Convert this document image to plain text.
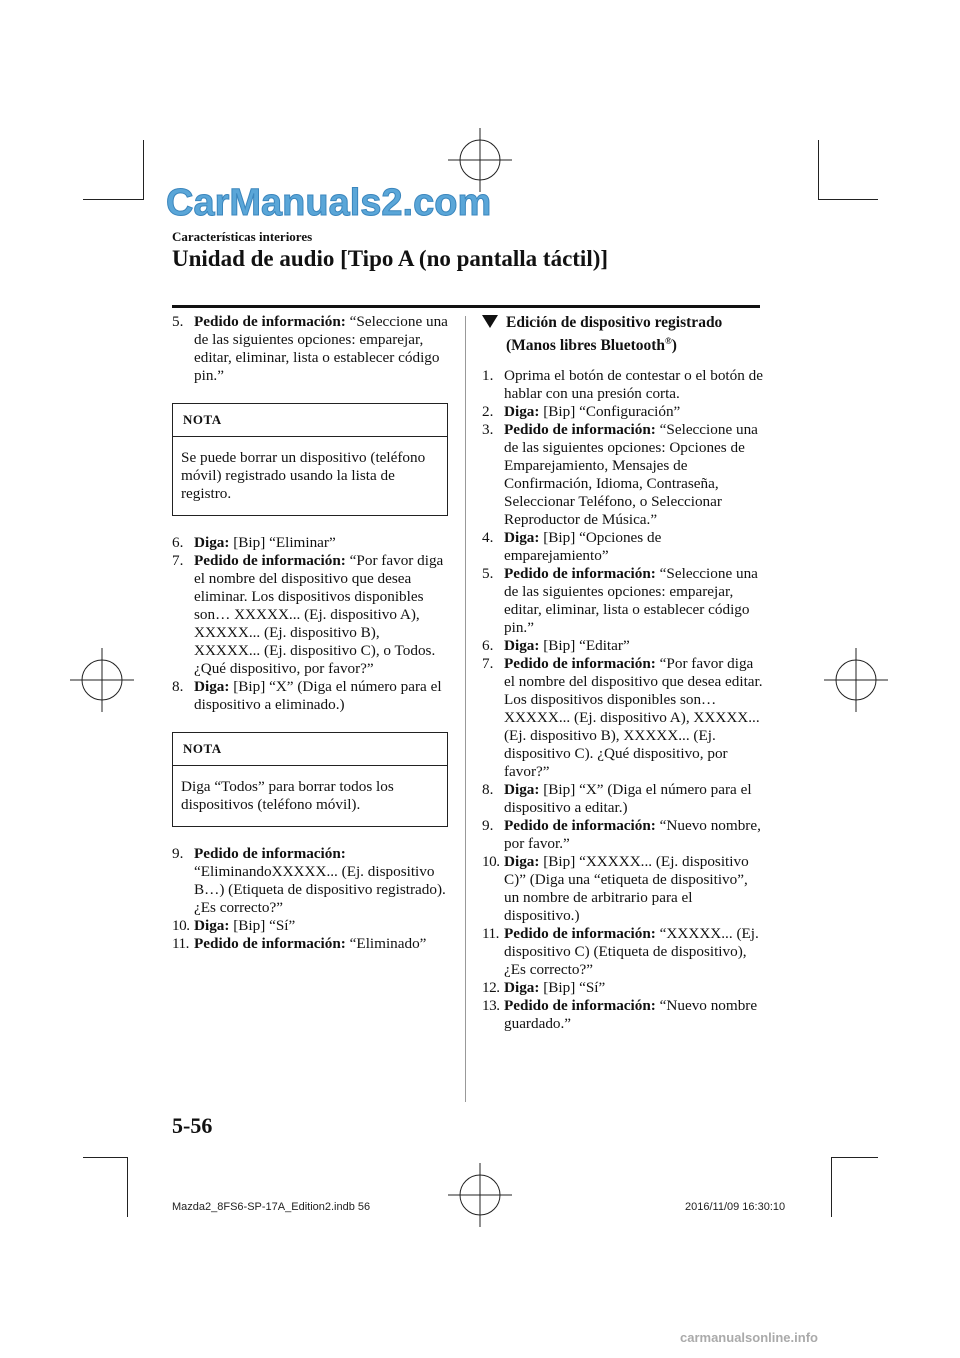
CarManuals2.com
Características interiores
Unidad de audio [Tipo A (no pantalla táctil)]
5. Pedido de información: “Seleccione una de las siguientes opciones: emparejar, editar, eliminar, lista o establecer código pin.”
NOTA
Se puede borrar un dispositivo (teléfono móvil) registrado usando la lista de registro.
6. Diga: [Bip] “Eliminar”
7. Pedido de información: “Por favor diga el nombre del dispositivo que desea eliminar. Los dispositivos disponibles son… XXXXX... (Ej. dispositivo A), XXXXX... (Ej. dispositivo B), XXXXX... (Ej. dispositivo C), o Todos. ¿Qué dispositivo, por favor?”
8. Diga: [Bip] “X” (Diga el número para el dispositivo a eliminado.)
NOTA
Diga “Todos” para borrar todos los dispositivos (teléfono móvil).
9. Pedido de información: “EliminandoXXXXX... (Ej. dispositivo B…) (Etiqueta de dispositivo registrado). ¿Es correcto?”
10. Diga: [Bip] “Sí”
11. Pedido de información: “Eliminado”
Edición de dispositivo registrado (Manos libres Bluetooth®)
1. Oprima el botón de contestar o el botón de hablar con una presión corta.
2. Diga: [Bip] “Configuración”
3. Pedido de información: “Seleccione una de las siguientes opciones: Opciones de Emparejamiento, Mensajes de Confirmación, Idioma, Contraseña, Seleccionar Teléfono, o Seleccionar Reproductor de Música.”
4. Diga: [Bip] “Opciones de emparejamiento”
5. Pedido de información: “Seleccione una de las siguientes opciones: emparejar, editar, eliminar, lista o establecer código pin.”
6. Diga: [Bip] “Editar”
7. Pedido de información: “Por favor diga el nombre del dispositivo que desea editar. Los dispositivos disponibles son… XXXXX... (Ej. dispositivo A), XXXXX... (Ej. dispositivo B), XXXXX... (Ej. dispositivo C). ¿Qué dispositivo, por favor?”
8. Diga: [Bip] “X” (Diga el número para el dispositivo a editar.)
9. Pedido de información: “Nuevo nombre, por favor.”
10. Diga: [Bip] “XXXXX... (Ej. dispositivo C)” (Diga una “etiqueta de dispositivo”, un nombre de arbitrario para el dispositivo.)
11. Pedido de información: “XXXXX... (Ej. dispositivo C) (Etiqueta de dispositivo), ¿Es correcto?”
12. Diga: [Bip] “Sí”
13. Pedido de información: “Nuevo nombre guardado.”
5-56
Mazda2_8FS6-SP-17A_Edition2.indb 56	2016/11/09 16:30:10
carmanualsonline.info
